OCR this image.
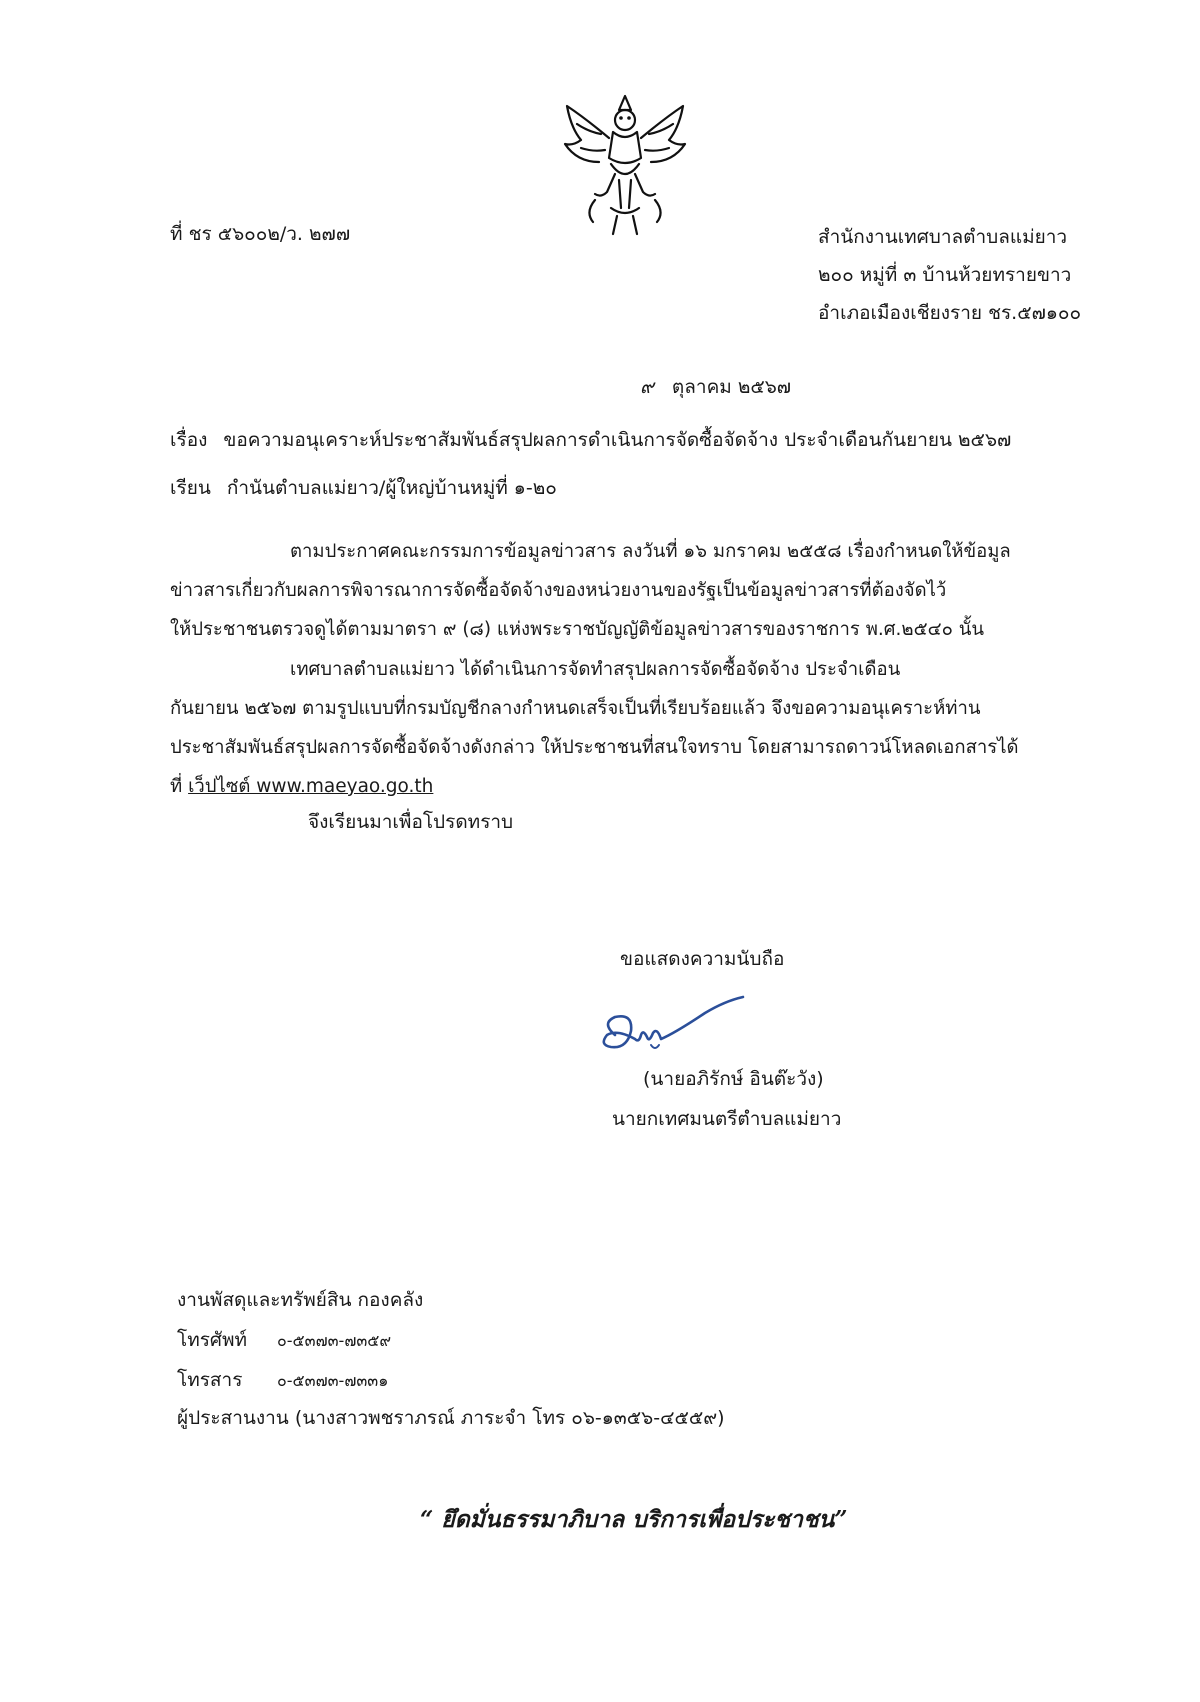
ที่ ชร ๕๖๐๐๒/ว. ๒๗๗	สำนักงานเทศบาลตำบลแม่ยาว
๒๐๐ หมู่ที่ ๓ บ้านห้วยทรายขาว
อำเภอเมืองเชียงราย ชร.๕๗๑๐๐
๙ ตุลาคม ๒๕๖๗
เรื่อง ขอความอนุเคราะห์ประชาสัมพันธ์สรุปผลการดำเนินการจัดซื้อจัดจ้าง ประจำเดือนกันยายน ๒๕๖๗
เรียน กำนันตำบลแม่ยาว/ผู้ใหญ่บ้านหมู่ที่ ๑-๒๐
ตามประกาศคณะกรรมการข้อมูลข่าวสาร ลงวันที่ ๑๖ มกราคม ๒๕๕๘ เรื่องกำหนดให้ข้อมูล
ข่าวสารเกี่ยวกับผลการพิจารณาการจัดซื้อจัดจ้างของหน่วยงานของรัฐเป็นข้อมูลข่าวสารที่ต้องจัดไว้
ให้ประชาชนตรวจดูได้ตามมาตรา ๙ (๘) แห่งพระราชบัญญัติข้อมูลข่าวสารของราชการ พ.ศ.๒๕๔๐ นั้น
เทศบาลตำบลแม่ยาว ได้ดำเนินการจัดทำสรุปผลการจัดซื้อจัดจ้าง ประจำเดือน
กันยายน ๒๕๖๗ ตามรูปแบบที่กรมบัญชีกลางกำหนดเสร็จเป็นที่เรียบร้อยแล้ว จึงขอความอนุเคราะห์ท่าน
ประชาสัมพันธ์สรุปผลการจัดซื้อจัดจ้างดังกล่าว ให้ประชาชนที่สนใจทราบ โดยสามารถดาวน์โหลดเอกสารได้
ที่ เว็ปไซต์ www.maeyao.go.th
จึงเรียนมาเพื่อโปรดทราบ
ขอแสดงความนับถือ
(นายอภิรักษ์ อินต๊ะวัง)
นายกเทศมนตรีตำบลแม่ยาว
งานพัสดุและทรัพย์สิน กองคลัง
โทรศัพท์ ๐-๕๓๗๓-๗๓๕๙
โทรสาร ๐-๕๓๗๓-๗๓๓๑
ผู้ประสานงาน (นางสาวพชราภรณ์ ภาระจำ โทร ๐๖-๑๓๕๖-๔๕๕๙)
“ ยึดมั่นธรรมาภิบาล บริการเพื่อประชาชน”
